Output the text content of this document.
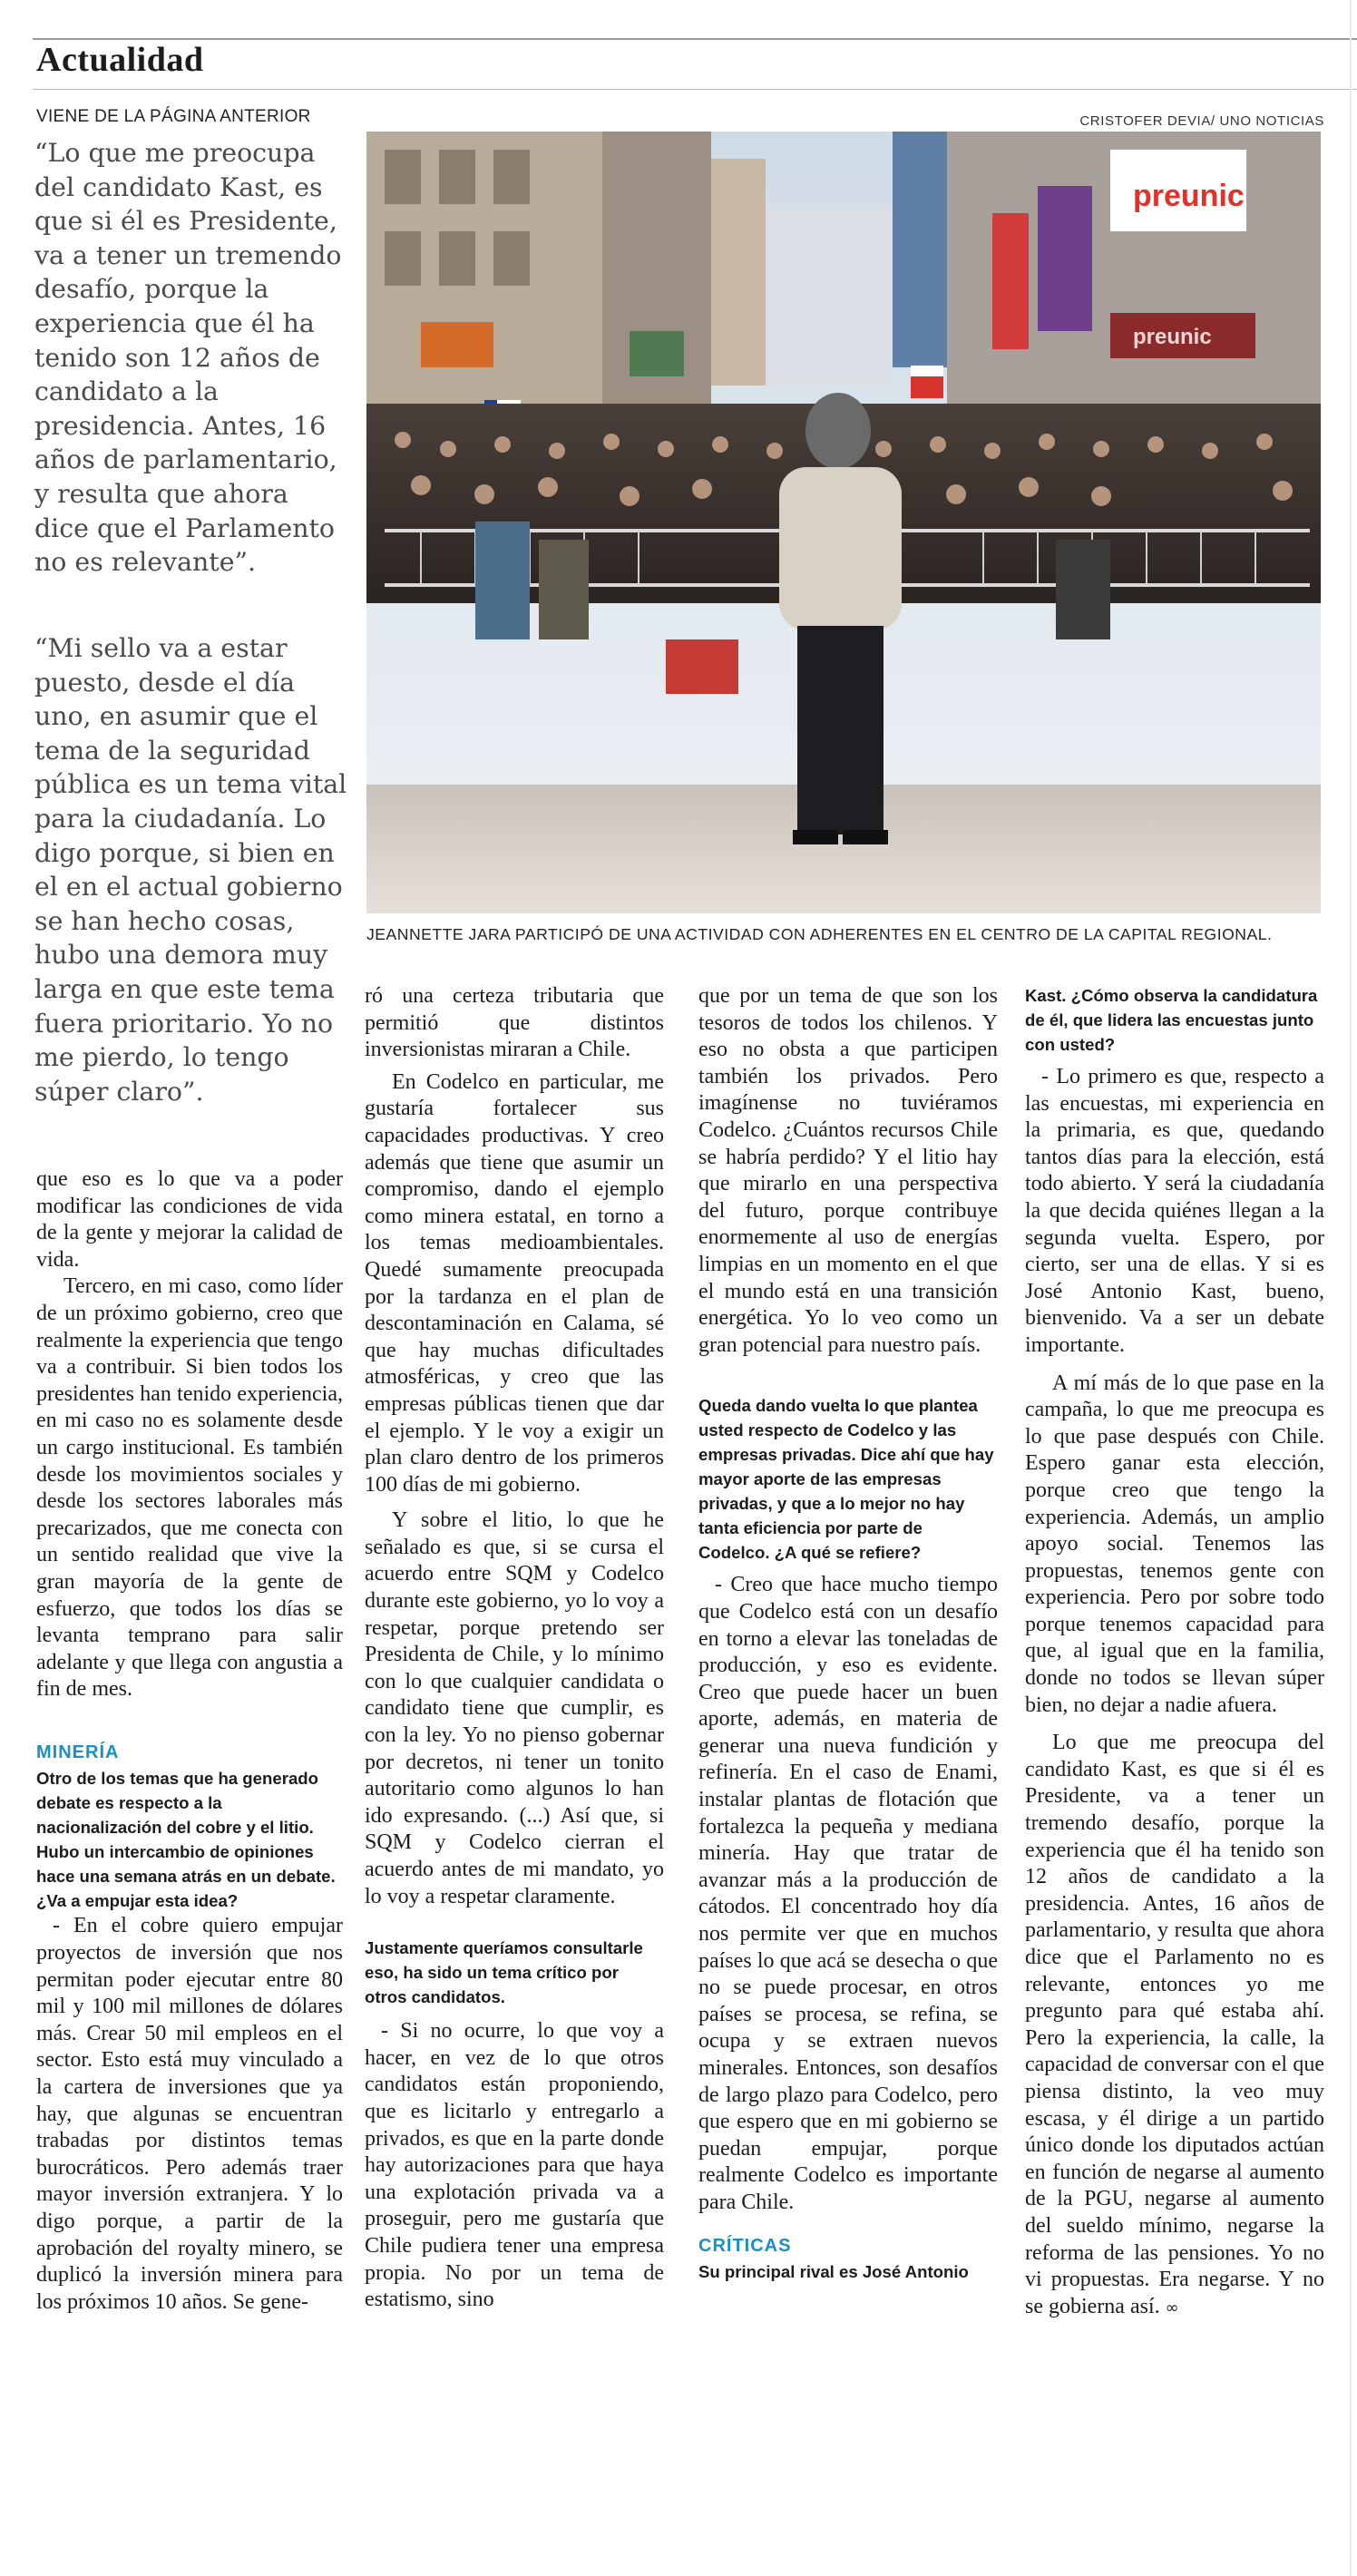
Actualidad
VIENE DE LA PÁGINA ANTERIOR	CRISTOFER DEVIA/ UNO NOTICIAS

“Lo que me preocupa del candidato Kast, es que si él es Presidente, va a tener un tremendo desafío, porque la experiencia que él ha tenido son 12 años de candidato a la presidencia. Antes, 16 años de parlamentario, y resulta que ahora dice que el Parlamento no es relevante”.

“Mi sello va a estar puesto, desde el día uno, en asumir que el tema de la seguridad pública es un tema vital para la ciudadanía. Lo digo porque, si bien en el en el actual gobierno se han hecho cosas, hubo una demora muy larga en que este tema fuera prioritario. Yo no me pierdo, lo tengo súper claro”.

preunic
preunic
JEANNETTE JARA PARTICIPÓ DE UNA ACTIVIDAD CON ADHERENTES EN EL CENTRO DE LA CAPITAL REGIONAL.

que eso es lo que va a poder modificar las condiciones de vida de la gente y mejorar la calidad de vida.

Tercero, en mi caso, como líder de un próximo gobierno, creo que realmente la experiencia que tengo va a contribuir. Si bien todos los presidentes han tenido experiencia, en mi caso no es solamente desde un cargo institucional. Es también desde los movimientos sociales y desde los sectores laborales más precarizados, que me conecta con un sentido realidad que vive la gran mayoría de la gente de esfuerzo, que todos los días se levanta temprano para salir adelante y que llega con angustia a fin de mes.

MINERÍA

Otro de los temas que ha generado debate es respecto a la nacionalización del cobre y el litio. Hubo un intercambio de opiniones hace una semana atrás en un debate. ¿Va a empujar esta idea?

- En el cobre quiero empujar proyectos de inversión que nos permitan poder ejecutar entre 80 mil y 100 mil millones de dólares más. Crear 50 mil empleos en el sector. Esto está muy vinculado a la cartera de inversiones que ya hay, que algunas se encuentran trabadas por distintos temas burocráticos. Pero además traer mayor inversión extranjera. Y lo digo porque, a partir de la aprobación del royalty minero, se duplicó la inversión minera para los próximos 10 años. Se gene-

ró una certeza tributaria que permitió que distintos inversionistas miraran a Chile.

En Codelco en particular, me gustaría fortalecer sus capacidades productivas. Y creo además que tiene que asumir un compromiso, dando el ejemplo como minera estatal, en torno a los temas medioambientales. Quedé sumamente preocupada por la tardanza en el plan de descontaminación en Calama, sé que hay muchas dificultades atmosféricas, y creo que las empresas públicas tienen que dar el ejemplo. Y le voy a exigir un plan claro dentro de los primeros 100 días de mi gobierno.

Y sobre el litio, lo que he señalado es que, si se cursa el acuerdo entre SQM y Codelco durante este gobierno, yo lo voy a respetar, porque pretendo ser Presidenta de Chile, y lo mínimo con lo que cualquier candidata o candidato tiene que cumplir, es con la ley. Yo no pienso gobernar por decretos, ni tener un tonito autoritario como algunos lo han ido expresando. (...) Así que, si SQM y Codelco cierran el acuerdo antes de mi mandato, yo lo voy a respetar claramente.

Justamente queríamos consultarle eso, ha sido un tema crítico por otros candidatos.

- Si no ocurre, lo que voy a hacer, en vez de lo que otros candidatos están proponiendo, que es licitarlo y entregarlo a privados, es que en la parte donde hay autorizaciones para que haya una explotación privada va a proseguir, pero me gustaría que Chile pudiera tener una empresa propia. No por un tema de estatismo, sino

que por un tema de que son los tesoros de todos los chilenos. Y eso no obsta a que participen también los privados. Pero imagínense no tuviéramos Codelco. ¿Cuántos recursos Chile se habría perdido? Y el litio hay que mirarlo en una perspectiva del futuro, porque contribuye enormemente al uso de energías limpias en un momento en el que el mundo está en una transición energética. Yo lo veo como un gran potencial para nuestro país.

Queda dando vuelta lo que plantea usted respecto de Codelco y las empresas privadas. Dice ahí que hay mayor aporte de las empresas privadas, y que a lo mejor no hay tanta eficiencia por parte de Codelco. ¿A qué se refiere?

- Creo que hace mucho tiempo que Codelco está con un desafío en torno a elevar las toneladas de producción, y eso es evidente. Creo que puede hacer un buen aporte, además, en materia de generar una nueva fundición y refinería. En el caso de Enami, instalar plantas de flotación que fortalezca la pequeña y mediana minería. Hay que tratar de avanzar más a la producción de cátodos. El concentrado hoy día nos permite ver que en muchos países lo que acá se desecha o que no se puede procesar, en otros países se procesa, se refina, se ocupa y se extraen nuevos minerales. Entonces, son desafíos de largo plazo para Codelco, pero que espero que en mi gobierno se puedan empujar, porque realmente Codelco es importante para Chile.

CRÍTICAS

Su principal rival es José Antonio

Kast. ¿Cómo observa la candidatura de él, que lidera las encuestas junto con usted?

- Lo primero es que, respecto a las encuestas, mi experiencia en la primaria, es que, quedando tantos días para la elección, está todo abierto. Y será la ciudadanía la que decida quiénes llegan a la segunda vuelta. Espero, por cierto, ser una de ellas. Y si es José Antonio Kast, bueno, bienvenido. Va a ser un debate importante.

A mí más de lo que pase en la campaña, lo que me preocupa es lo que pase después con Chile. Espero ganar esta elección, porque creo que tengo la experiencia. Además, un amplio apoyo social. Tenemos las propuestas, tenemos gente con experiencia. Pero por sobre todo porque tenemos capacidad para que, al igual que en la familia, donde no todos se llevan súper bien, no dejar a nadie afuera.

Lo que me preocupa del candidato Kast, es que si él es Presidente, va a tener un tremendo desafío, porque la experiencia que él ha tenido son 12 años de candidato a la presidencia. Antes, 16 años de parlamentario, y resulta que ahora dice que el Parlamento no es relevante, entonces yo me pregunto para qué estaba ahí. Pero la experiencia, la calle, la capacidad de conversar con el que piensa distinto, la veo muy escasa, y él dirige a un partido único donde los diputados actúan en función de negarse al aumento de la PGU, negarse al aumento del sueldo mínimo, negarse la reforma de las pensiones. Yo no vi propuestas. Era negarse. Y no se gobierna así. ∞
